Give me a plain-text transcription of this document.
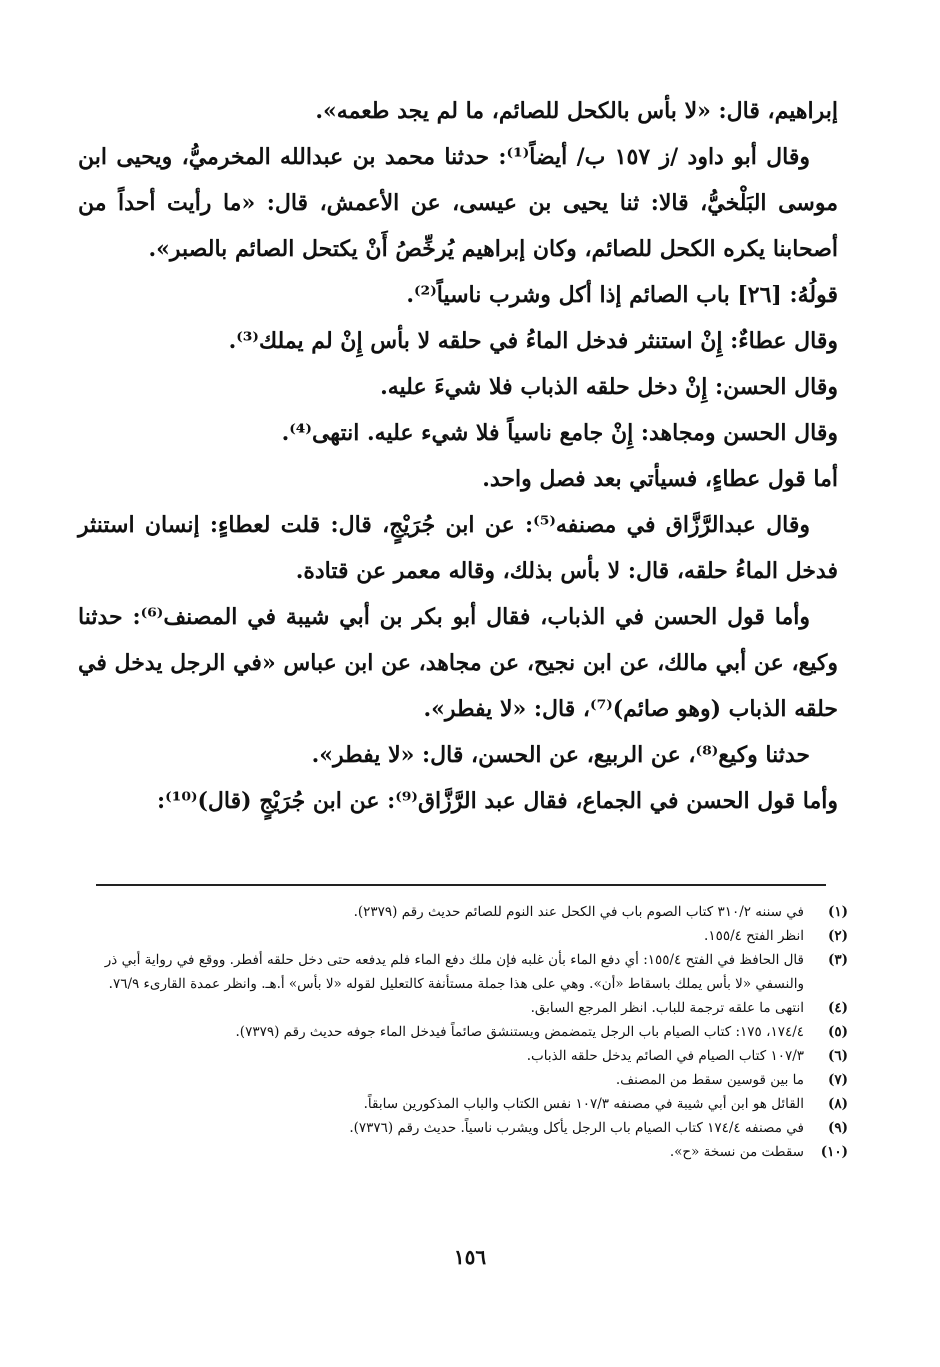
إبراهيم، قال: «لا بأس بالكحل للصائم، ما لم يجد طعمه».

وقال أبو داود /ز ١٥٧ ب/ أيضاً⁽¹⁾: حدثنا محمد بن عبدالله المخرميُّ، ويحيى ابن موسى البَلْخيُّ، قالا: ثنا يحيى بن عيسى، عن الأعمش، قال: «ما رأيت أحداً من أصحابنا يكره الكحل للصائم، وكان إبراهيم يُرخِّصُ أَنْ يكتحل الصائم بالصبر».

قولُهُ: [٢٦] باب الصائم إذا أكل وشرب ناسياً⁽²⁾.

وقال عطاءٌ: إِنْ استنثر فدخل الماءُ في حلقه لا بأس إِنْ لم يملك⁽³⁾.

وقال الحسن: إِنْ دخل حلقه الذباب فلا شيءَ عليه.

وقال الحسن ومجاهد: إِنْ جامع ناسياً فلا شيء عليه. انتهى⁽⁴⁾.

أما قول عطاءٍ، فسيأتي بعد فصل واحد.

وقال عبدالرَّزَّاق في مصنفه⁽⁵⁾: عن ابن جُرَيْجٍ، قال: قلت لعطاءٍ: إنسان استنثر فدخل الماءُ حلقه، قال: لا بأس بذلك، وقاله معمر عن قتادة.

وأما قول الحسن في الذباب، فقال أبو بكر بن أبي شيبة في المصنف⁽⁶⁾: حدثنا وكيع، عن أبي مالك، عن ابن نجيح، عن مجاهد، عن ابن عباس «في الرجل يدخل في حلقه الذباب (وهو صائم)⁽⁷⁾، قال: «لا يفطر».

حدثنا وكيع⁽⁸⁾، عن الربيع، عن الحسن، قال: «لا يفطر».

وأما قول الحسن في الجماع، فقال عبد الرَّزَّاق⁽⁹⁾: عن ابن جُرَيْجٍ (قال)⁽¹⁰⁾:

(١)
في سننه ٣١٠/٢ كتاب الصوم باب في الكحل عند النوم للصائم حديث رقم (٢٣٧٩).
(٢)
انظر الفتح ١٥٥/٤.
(٣)
قال الحافظ في الفتح ١٥٥/٤: أي دفع الماء بأن غلبه فإن ملك دفع الماء فلم يدفعه حتى دخل حلقه أفطر. ووقع في رواية أبي ذر والنسفي «لا بأس يملك باسقاط «أن». وهي على هذا جملة مستأنفة كالتعليل لقوله «لا بأس» أ.هـ. وانظر عمدة القارىء ٧٦/٩.
(٤)
انتهى ما علقه ترجمة للباب. انظر المرجع السابق.
(٥)
١٧٤/٤، ١٧٥: كتاب الصيام باب الرجل يتمضمض ويستنشق صائماً فيدخل الماء جوفه حديث رقم (٧٣٧٩).
(٦)
١٠٧/٣ كتاب الصيام في الصائم يدخل حلقه الذباب.
(٧)
ما بين قوسين سقط من المصنف.
(٨)
القائل هو ابن أبي شيبة في مصنفه ١٠٧/٣ نفس الكتاب والباب المذكورين سابقاً.
(٩)
في مصنفه ١٧٤/٤ كتاب الصيام باب الرجل يأكل ويشرب ناسياً. حديث رقم (٧٣٧٦).
(١٠)
سقطت من نسخة «ح».
١٥٦
